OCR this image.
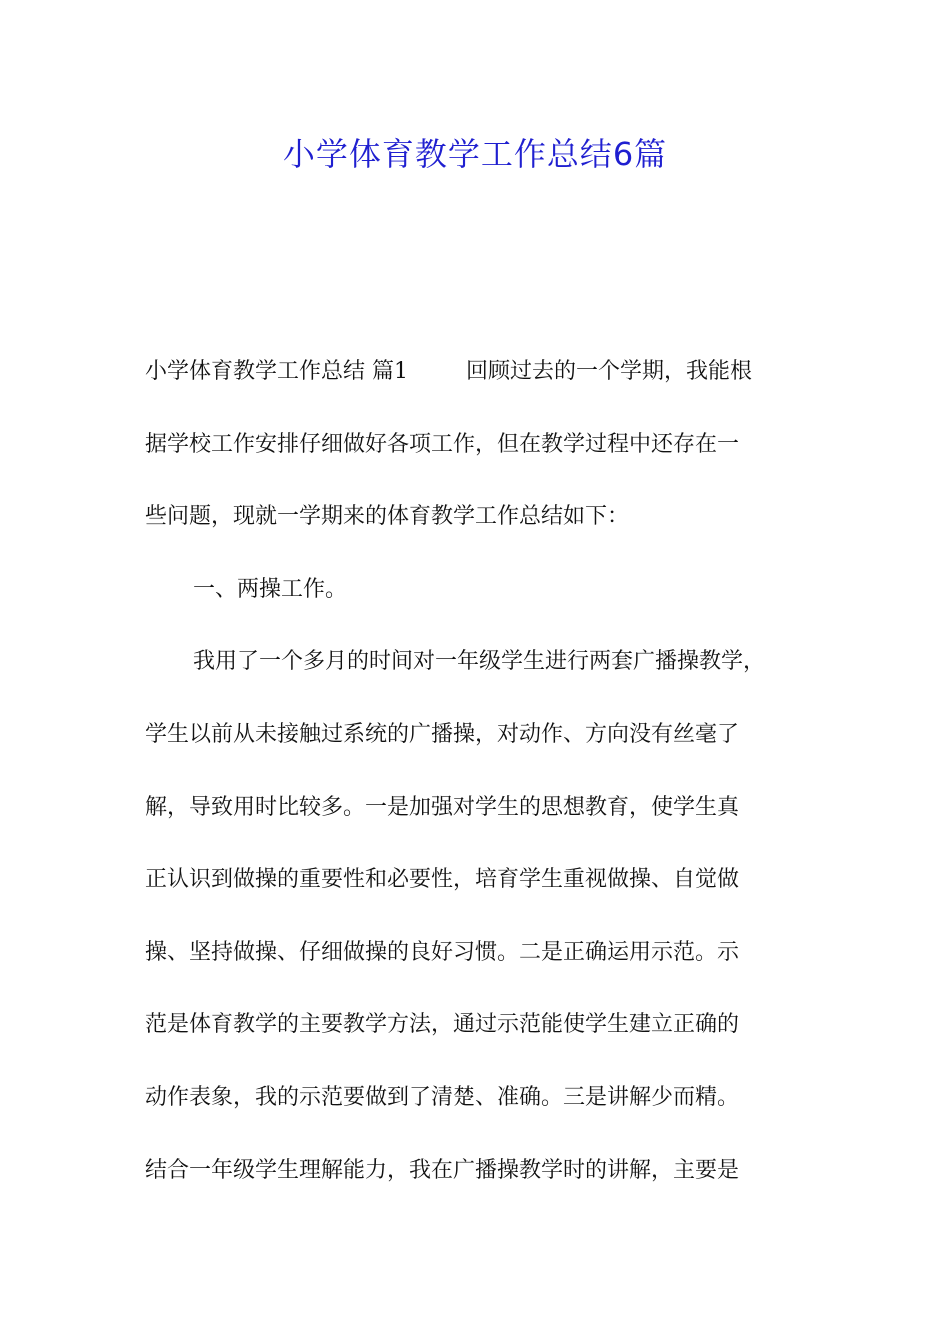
小学体育教学工作总结6篇
小学体育教学工作总结 篇1	回顾过去的一个学期，我能根
据学校工作安排仔细做好各项工作，但在教学过程中还存在一
些问题，现就一学期来的体育教学工作总结如下：
一、两操工作。
我用了一个多月的时间对一年级学生进行两套广播操教学，
学生以前从未接触过系统的广播操，对动作、方向没有丝毫了
解，导致用时比较多。一是加强对学生的思想教育，使学生真
正认识到做操的重要性和必要性，培育学生重视做操、自觉做
操、坚持做操、仔细做操的良好习惯。二是正确运用示范。示
范是体育教学的主要教学方法，通过示范能使学生建立正确的
动作表象，我的示范要做到了清楚、准确。三是讲解少而精。
结合一年级学生理解能力，我在广播操教学时的讲解，主要是
